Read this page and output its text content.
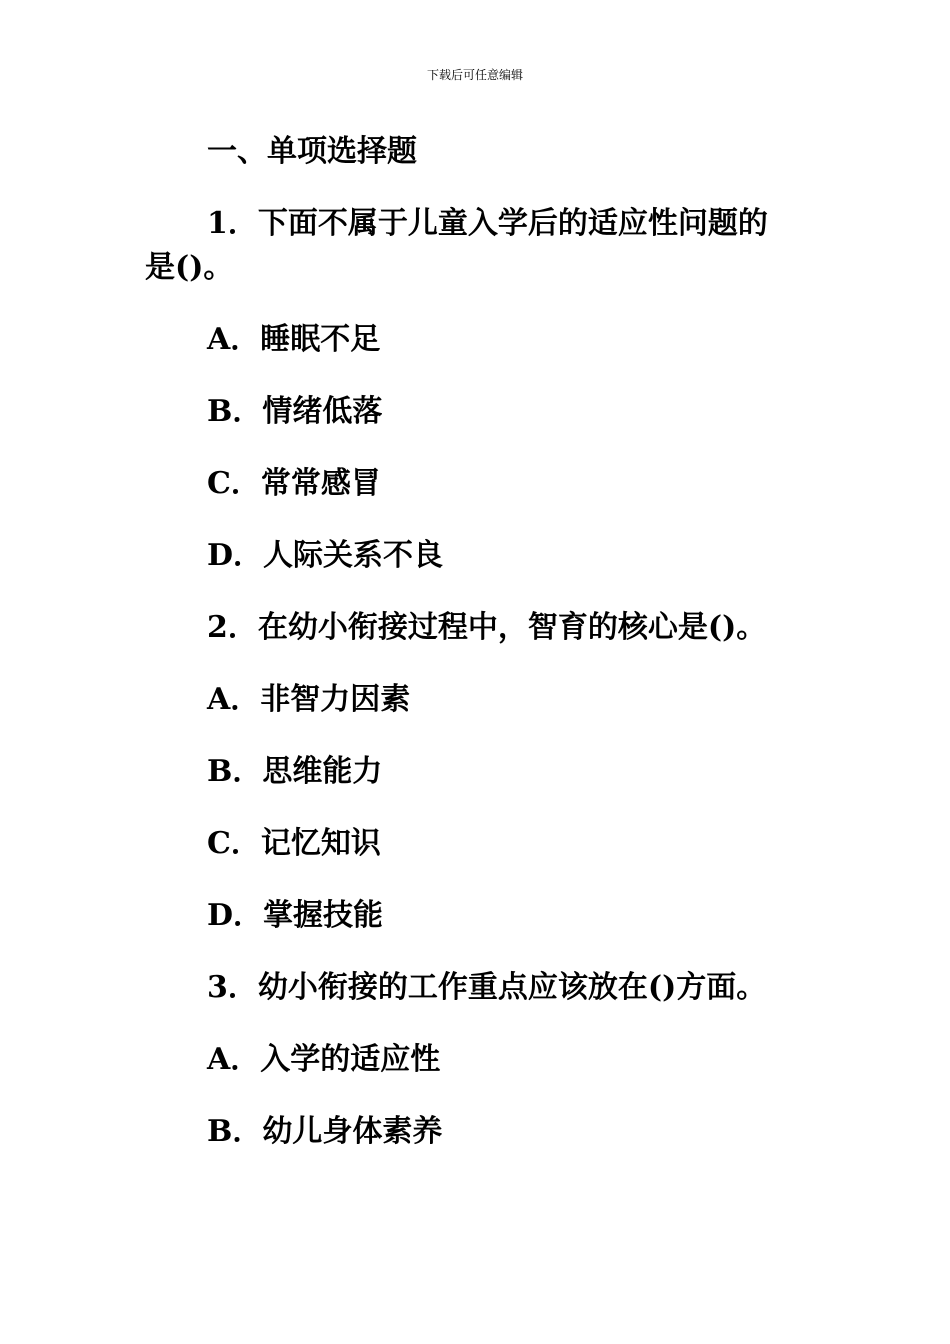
下载后可任意编辑
一、单项选择题
1．下面不属于儿童入学后的适应性问题的
是()。
A．睡眠不足
B．情绪低落
C．常常感冒
D．人际关系不良
2．在幼小衔接过程中，智育的核心是()。
A．非智力因素
B．思维能力
C．记忆知识
D．掌握技能
3．幼小衔接的工作重点应该放在()方面。
A．入学的适应性
B．幼儿身体素养
